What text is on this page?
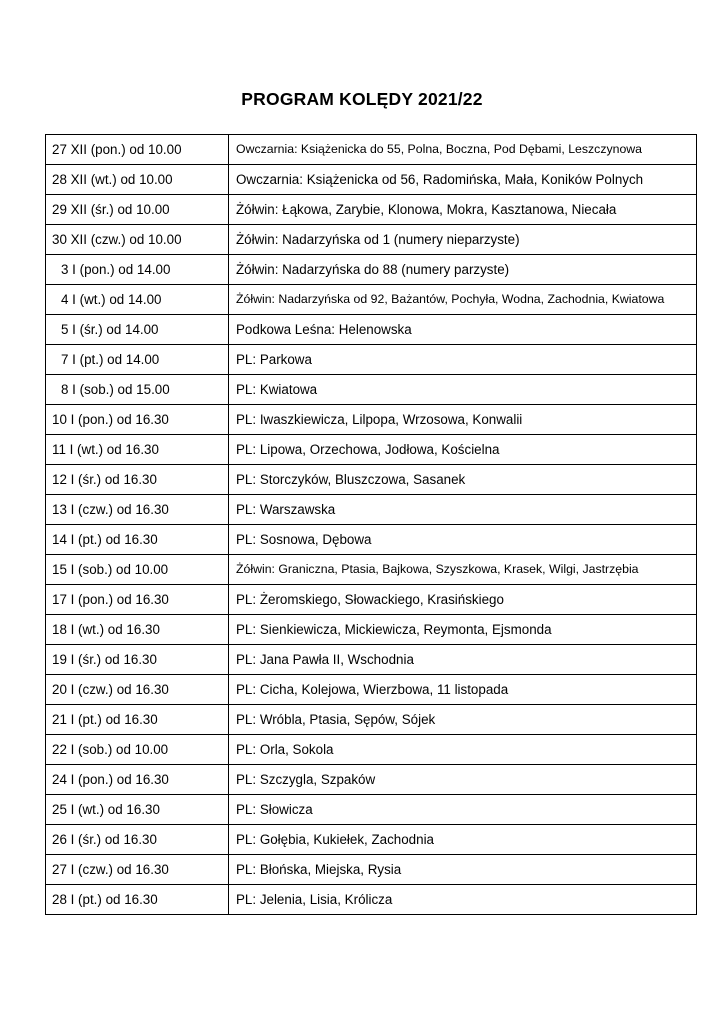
PROGRAM KOLĘDY 2021/22
27 XII (pon.) od 10.00	Owczarnia: Książenicka do 55, Polna, Boczna, Pod Dębami, Leszczynowa
28 XII (wt.) od 10.00	Owczarnia: Książenicka od 56, Radomińska, Mała, Koników Polnych
29 XII (śr.) od 10.00	Żółwin: Łąkowa, Zarybie, Klonowa, Mokra, Kasztanowa, Niecała
30 XII (czw.) od 10.00	Żółwin: Nadarzyńska od 1 (numery nieparzyste)
3 I (pon.) od 14.00	Żółwin: Nadarzyńska do 88 (numery parzyste)
4 I (wt.) od 14.00	Żółwin: Nadarzyńska od 92, Bażantów, Pochyła, Wodna, Zachodnia, Kwiatowa
5 I (śr.) od 14.00	Podkowa Leśna: Helenowska
7 I (pt.) od 14.00	PL: Parkowa
8 I (sob.) od 15.00	PL: Kwiatowa
10 I (pon.) od 16.30	PL: Iwaszkiewicza, Lilpopa, Wrzosowa, Konwalii
11 I (wt.) od 16.30	PL: Lipowa, Orzechowa, Jodłowa, Kościelna
12 I (śr.) od 16.30	PL: Storczyków, Bluszczowa, Sasanek
13 I (czw.) od 16.30	PL: Warszawska
14 I (pt.) od 16.30	PL: Sosnowa, Dębowa
15 I (sob.) od 10.00	Żółwin: Graniczna, Ptasia, Bajkowa, Szyszkowa, Krasek, Wilgi, Jastrzębia
17 I (pon.) od 16.30	PL: Żeromskiego, Słowackiego, Krasińskiego
18 I (wt.) od 16.30	PL: Sienkiewicza, Mickiewicza, Reymonta, Ejsmonda
19 I (śr.) od 16.30	PL: Jana Pawła II, Wschodnia
20 I (czw.) od 16.30	PL: Cicha, Kolejowa, Wierzbowa, 11 listopada
21 I (pt.) od 16.30	PL: Wróbla, Ptasia, Sępów, Sójek
22 I (sob.) od 10.00	PL: Orla, Sokola
24 I (pon.) od 16.30	PL: Szczygla, Szpaków
25 I (wt.) od 16.30	PL: Słowicza
26 I (śr.) od 16.30	PL: Gołębia, Kukiełek, Zachodnia
27 I (czw.) od 16.30	PL: Błońska, Miejska, Rysia
28 I (pt.) od 16.30	PL: Jelenia, Lisia, Królicza
